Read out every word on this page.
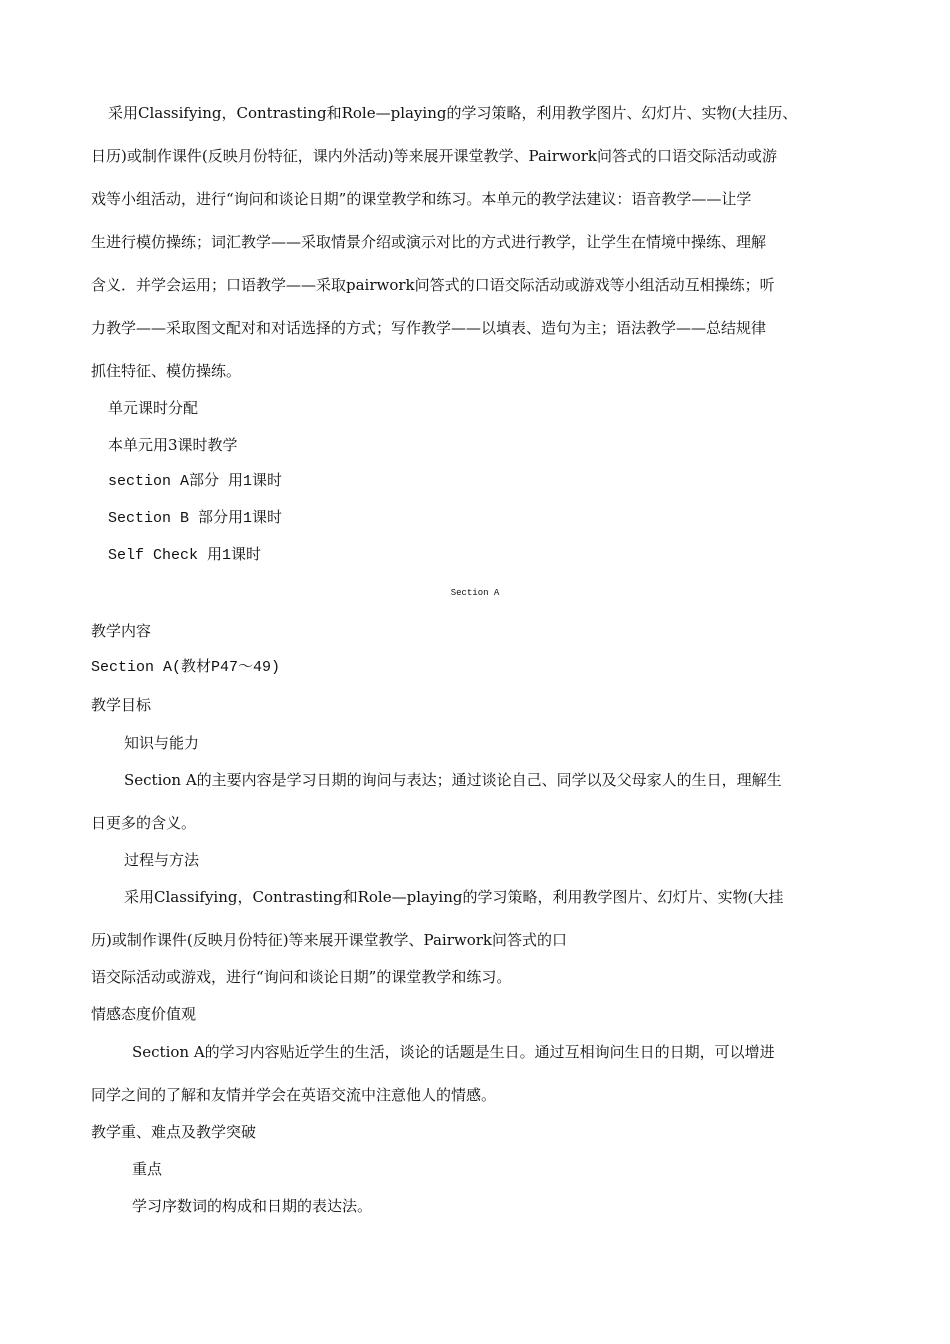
采用Classifying，Contrasting和Role—playing的学习策略，利用教学图片、幻灯片、实物(大挂历、
日历)或制作课件(反映月份特征，课内外活动)等来展开课堂教学、Pairwork问答式的口语交际活动或游
戏等小组活动，进行“询问和谈论日期”的课堂教学和练习。本单元的教学法建议：语音教学——让学
生进行模仿操练；词汇教学——采取情景介绍或演示对比的方式进行教学，让学生在情境中操练、理解
含义．并学会运用；口语教学——采取pairwork问答式的口语交际活动或游戏等小组活动互相操练；听
力教学——采取图文配对和对话选择的方式；写作教学——以填表、造句为主；语法教学——总结规律
抓住特征、模仿操练。
单元课时分配
本单元用3课时教学
section A部分 用1课时
Section B 部分用1课时
Self Check 用1课时
Section A
教学内容
Section A(教材P47～49)
教学目标
知识与能力
Section A的主要内容是学习日期的询问与表达；通过谈论自己、同学以及父母家人的生日，理解生
日更多的含义。
过程与方法
采用Classifying，Contrasting和Role—playing的学习策略，利用教学图片、幻灯片、实物(大挂
历)或制作课件(反映月份特征)等来展开课堂教学、Pairwork问答式的口
语交际活动或游戏，进行“询问和谈论日期”的课堂教学和练习。
情感态度价值观
Section A的学习内容贴近学生的生活，谈论的话题是生日。通过互相询问生日的日期，可以增进
同学之间的了解和友情并学会在英语交流中注意他人的情感。
教学重、难点及教学突破
重点
学习序数词的构成和日期的表达法。
